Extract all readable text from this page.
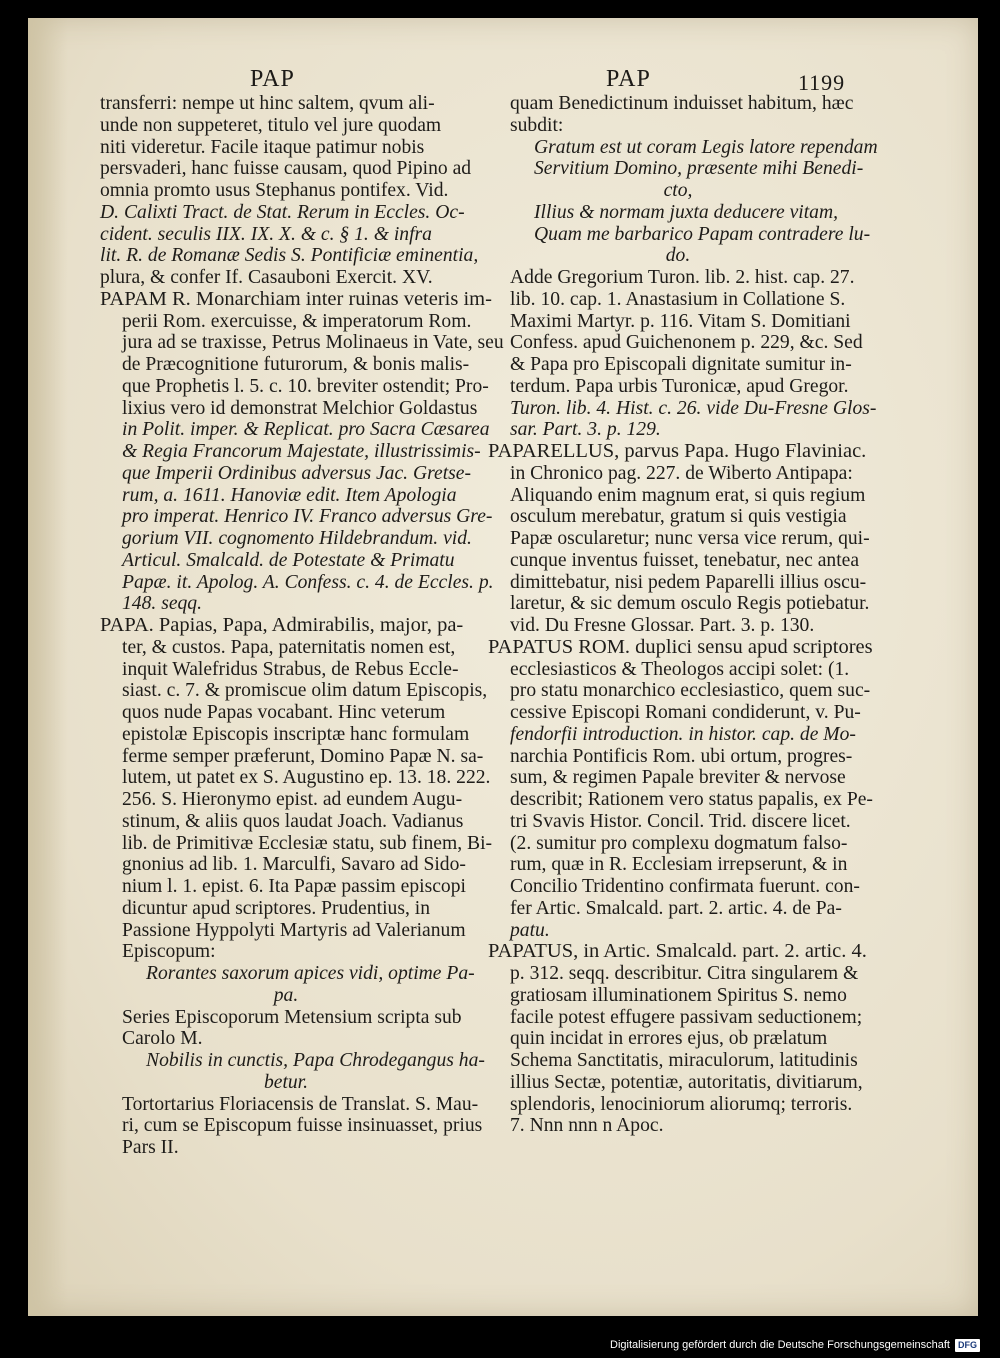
PAP	PAP	1199
transferri: nempe ut hinc saltem, qvum ali-
unde non suppeteret, titulo vel jure quodam
niti videretur. Facile itaque patimur nobis
persvaderi, hanc fuisse causam, quod Pipino ad
omnia promto usus Stephanus pontifex. Vid.
D. Calixti Tract. de Stat. Rerum in Eccles. Oc-
cident. seculis IIX. IX. X. & c. § 1. & infra
lit. R. de Romanæ Sedis S. Pontificiæ eminentia,
plura, & confer If. Casauboni Exercit. XV.
PAPAM R. Monarchiam inter ruinas veteris im-
perii Rom. exercuisse, & imperatorum Rom.
jura ad se traxisse, Petrus Molinaeus in Vate, seu
de Præcognitione futurorum, & bonis malis-
que Prophetis l. 5. c. 10. breviter ostendit; Pro-
lixius vero id demonstrat Melchior Goldastus
in Polit. imper. & Replicat. pro Sacra Cæsarea
& Regia Francorum Majestate, illustrissimis-
que Imperii Ordinibus adversus Jac. Gretse-
rum, a. 1611. Hanoviæ edit. Item Apologia
pro imperat. Henrico IV. Franco adversus Gre-
gorium VII. cognomento Hildebrandum. vid.
Articul. Smalcald. de Potestate & Primatu
Papæ. it. Apolog. A. Confess. c. 4. de Eccles. p.
148. seqq.
PAPA. Papias, Papa, Admirabilis, major, pa-
ter, & custos. Papa, paternitatis nomen est,
inquit Walefridus Strabus, de Rebus Eccle-
siast. c. 7. & promiscue olim datum Episcopis,
quos nude Papas vocabant. Hinc veterum
epistolæ Episcopis inscriptæ hanc formulam
ferme semper præferunt, Domino Papæ N. sa-
lutem, ut patet ex S. Augustino ep. 13. 18. 222.
256. S. Hieronymo epist. ad eundem Augu-
stinum, & aliis quos laudat Joach. Vadianus
lib. de Primitivæ Ecclesiæ statu, sub finem, Bi-
gnonius ad lib. 1. Marculfi, Savaro ad Sido-
nium l. 1. epist. 6. Ita Papæ passim episcopi
dicuntur apud scriptores. Prudentius, in
Passione Hyppolyti Martyris ad Valerianum
Episcopum:
Rorantes saxorum apices vidi, optime Pa-
pa.
Series Episcoporum Metensium scripta sub
Carolo M.
Nobilis in cunctis, Papa Chrodegangus ha-
betur.
Tortortarius Floriacensis de Translat. S. Mau-
ri, cum se Episcopum fuisse insinuasset, prius
Pars II.
quam Benedictinum induisset habitum, hæc
subdit:
Gratum est ut coram Legis latore rependam
Servitium Domino, præsente mihi Benedi-
cto,
Illius & normam juxta deducere vitam,
Quam me barbarico Papam contradere lu-
do.
Adde Gregorium Turon. lib. 2. hist. cap. 27.
lib. 10. cap. 1. Anastasium in Collatione S.
Maximi Martyr. p. 116. Vitam S. Domitiani
Confess. apud Guichenonem p. 229, &c. Sed
& Papa pro Episcopali dignitate sumitur in-
terdum. Papa urbis Turonicæ, apud Gregor.
Turon. lib. 4. Hist. c. 26. vide Du-Fresne Glos-
sar. Part. 3. p. 129.
PAPARELLUS, parvus Papa. Hugo Flaviniac.
in Chronico pag. 227. de Wiberto Antipapa:
Aliquando enim magnum erat, si quis regium
osculum merebatur, gratum si quis vestigia
Papæ oscularetur; nunc versa vice rerum, qui-
cunque inventus fuisset, tenebatur, nec antea
dimittebatur, nisi pedem Paparelli illius oscu-
laretur, & sic demum osculo Regis potiebatur.
vid. Du Fresne Glossar. Part. 3. p. 130.
PAPATUS ROM. duplici sensu apud scriptores
ecclesiasticos & Theologos accipi solet: (1.
pro statu monarchico ecclesiastico, quem suc-
cessive Episcopi Romani condiderunt, v. Pu-
fendorfii introduction. in histor. cap. de Mo-
narchia Pontificis Rom. ubi ortum, progres-
sum, & regimen Papale breviter & nervose
describit; Rationem vero status papalis, ex Pe-
tri Svavis Histor. Concil. Trid. discere licet.
(2. sumitur pro complexu dogmatum falso-
rum, quæ in R. Ecclesiam irrepserunt, & in
Concilio Tridentino confirmata fuerunt. con-
fer Artic. Smalcald. part. 2. artic. 4. de Pa-
patu.
PAPATUS, in Artic. Smalcald. part. 2. artic. 4.
p. 312. seqq. describitur. Citra singularem &
gratiosam illuminationem Spiritus S. nemo
facile potest effugere passivam seductionem;
quin incidat in errores ejus, ob prælatum
Schema Sanctitatis, miraculorum, latitudinis
illius Sectæ, potentiæ, autoritatis, divitiarum,
splendoris, lenociniorum aliorumq; terroris.
7. Nnn nnn n Apoc.
Digitalisierung gefördert durch die Deutsche Forschungsgemeinschaft DFG
